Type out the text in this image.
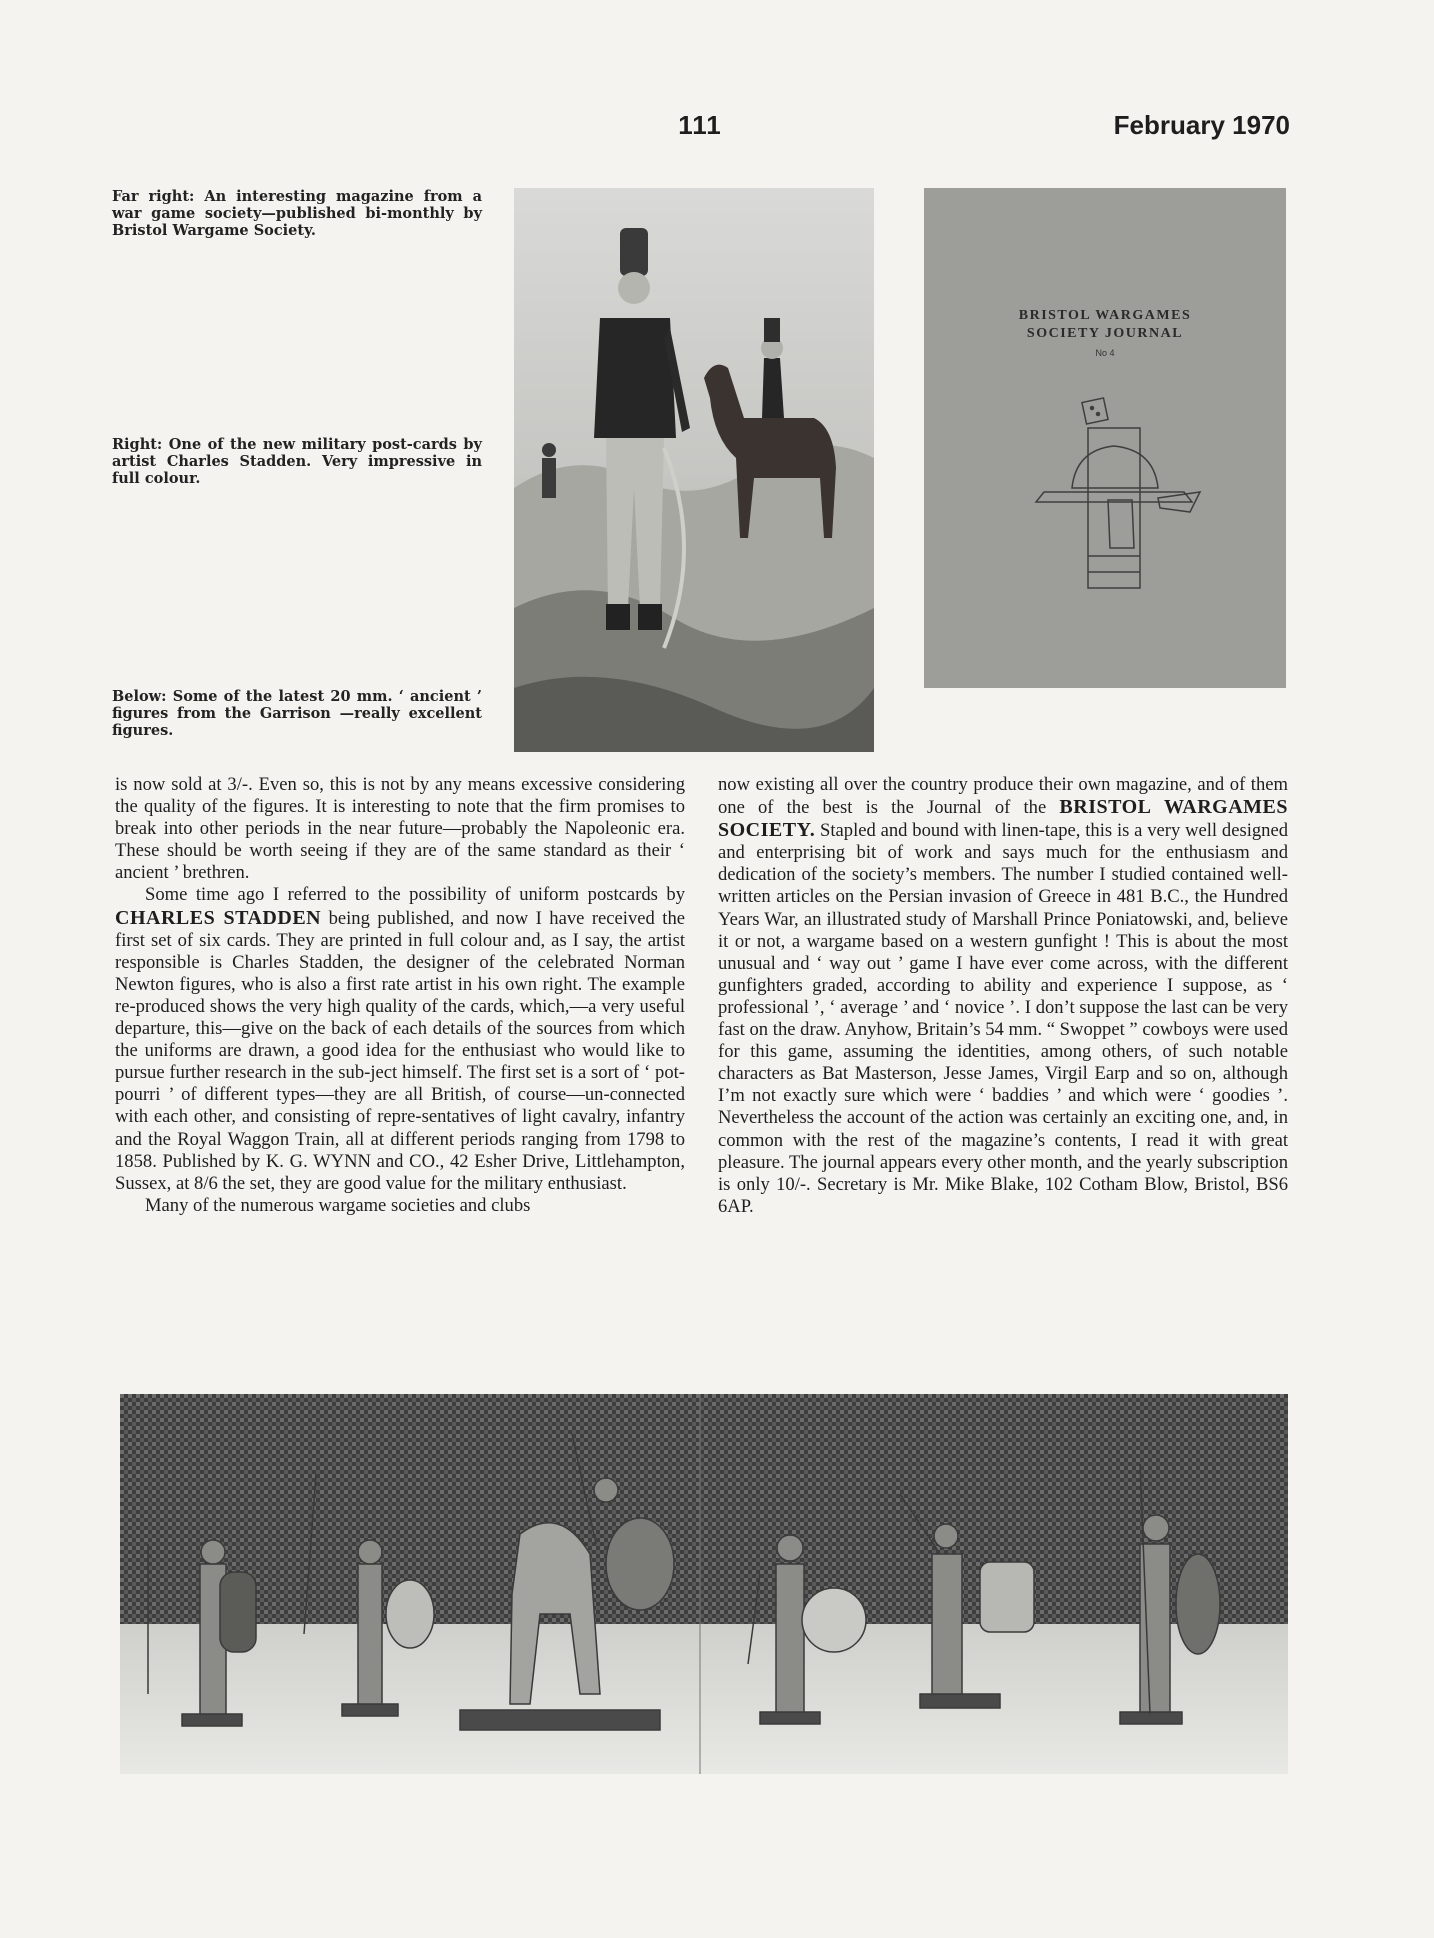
111	February 1970
Far right: An interesting magazine from a war game society—published bi-monthly by Bristol Wargame Society.
Right: One of the new military post-cards by artist Charles Stadden. Very impressive in full colour.
Below: Some of the latest 20 mm. ‘ ancient ’ figures from the Garrison —really excellent figures.
BRISTOL WARGAMES
SOCIETY JOURNAL
No 4

is now sold at 3/-. Even so, this is not by any means excessive considering the quality of the figures. It is interesting to note that the firm promises to break into other periods in the near future—probably the Napoleonic era. These should be worth seeing if they are of the same standard as their ‘ ancient ’ brethren.

Some time ago I referred to the possibility of uniform postcards by CHARLES STADDEN being published, and now I have received the first set of six cards. They are printed in full colour and, as I say, the artist responsible is Charles Stadden, the designer of the celebrated Norman Newton figures, who is also a first rate artist in his own right. The example re-produced shows the very high quality of the cards, which,—a very useful departure, this—give on the back of each details of the sources from which the uniforms are drawn, a good idea for the enthusiast who would like to pursue further research in the sub-ject himself. The first set is a sort of ‘ pot-pourri ’ of different types—they are all British, of course—un-connected with each other, and consisting of repre-sentatives of light cavalry, infantry and the Royal Waggon Train, all at different periods ranging from 1798 to 1858. Published by K. G. WYNN and CO., 42 Esher Drive, Littlehampton, Sussex, at 8/6 the set, they are good value for the military enthusiast.

Many of the numerous wargame societies and clubs

now existing all over the country produce their own magazine, and of them one of the best is the Journal of the BRISTOL WARGAMES SOCIETY. Stapled and bound with linen-tape, this is a very well designed and enterprising bit of work and says much for the enthusiasm and dedication of the society’s members. The number I studied contained well-written articles on the Persian invasion of Greece in 481 B.C., the Hundred Years War, an illustrated study of Marshall Prince Poniatowski, and, believe it or not, a wargame based on a western gunfight ! This is about the most unusual and ‘ way out ’ game I have ever come across, with the different gunfighters graded, according to ability and experience I suppose, as ‘ professional ’, ‘ average ’ and ‘ novice ’. I don’t suppose the last can be very fast on the draw. Anyhow, Britain’s 54 mm. “ Swoppet ” cowboys were used for this game, assuming the identities, among others, of such notable characters as Bat Masterson, Jesse James, Virgil Earp and so on, although I’m not exactly sure which were ‘ baddies ’ and which were ‘ goodies ’. Nevertheless the account of the action was certainly an exciting one, and, in common with the rest of the magazine’s contents, I read it with great pleasure. The journal appears every other month, and the yearly subscription is only 10/-. Secretary is Mr. Mike Blake, 102 Cotham Blow, Bristol, BS6 6AP.
